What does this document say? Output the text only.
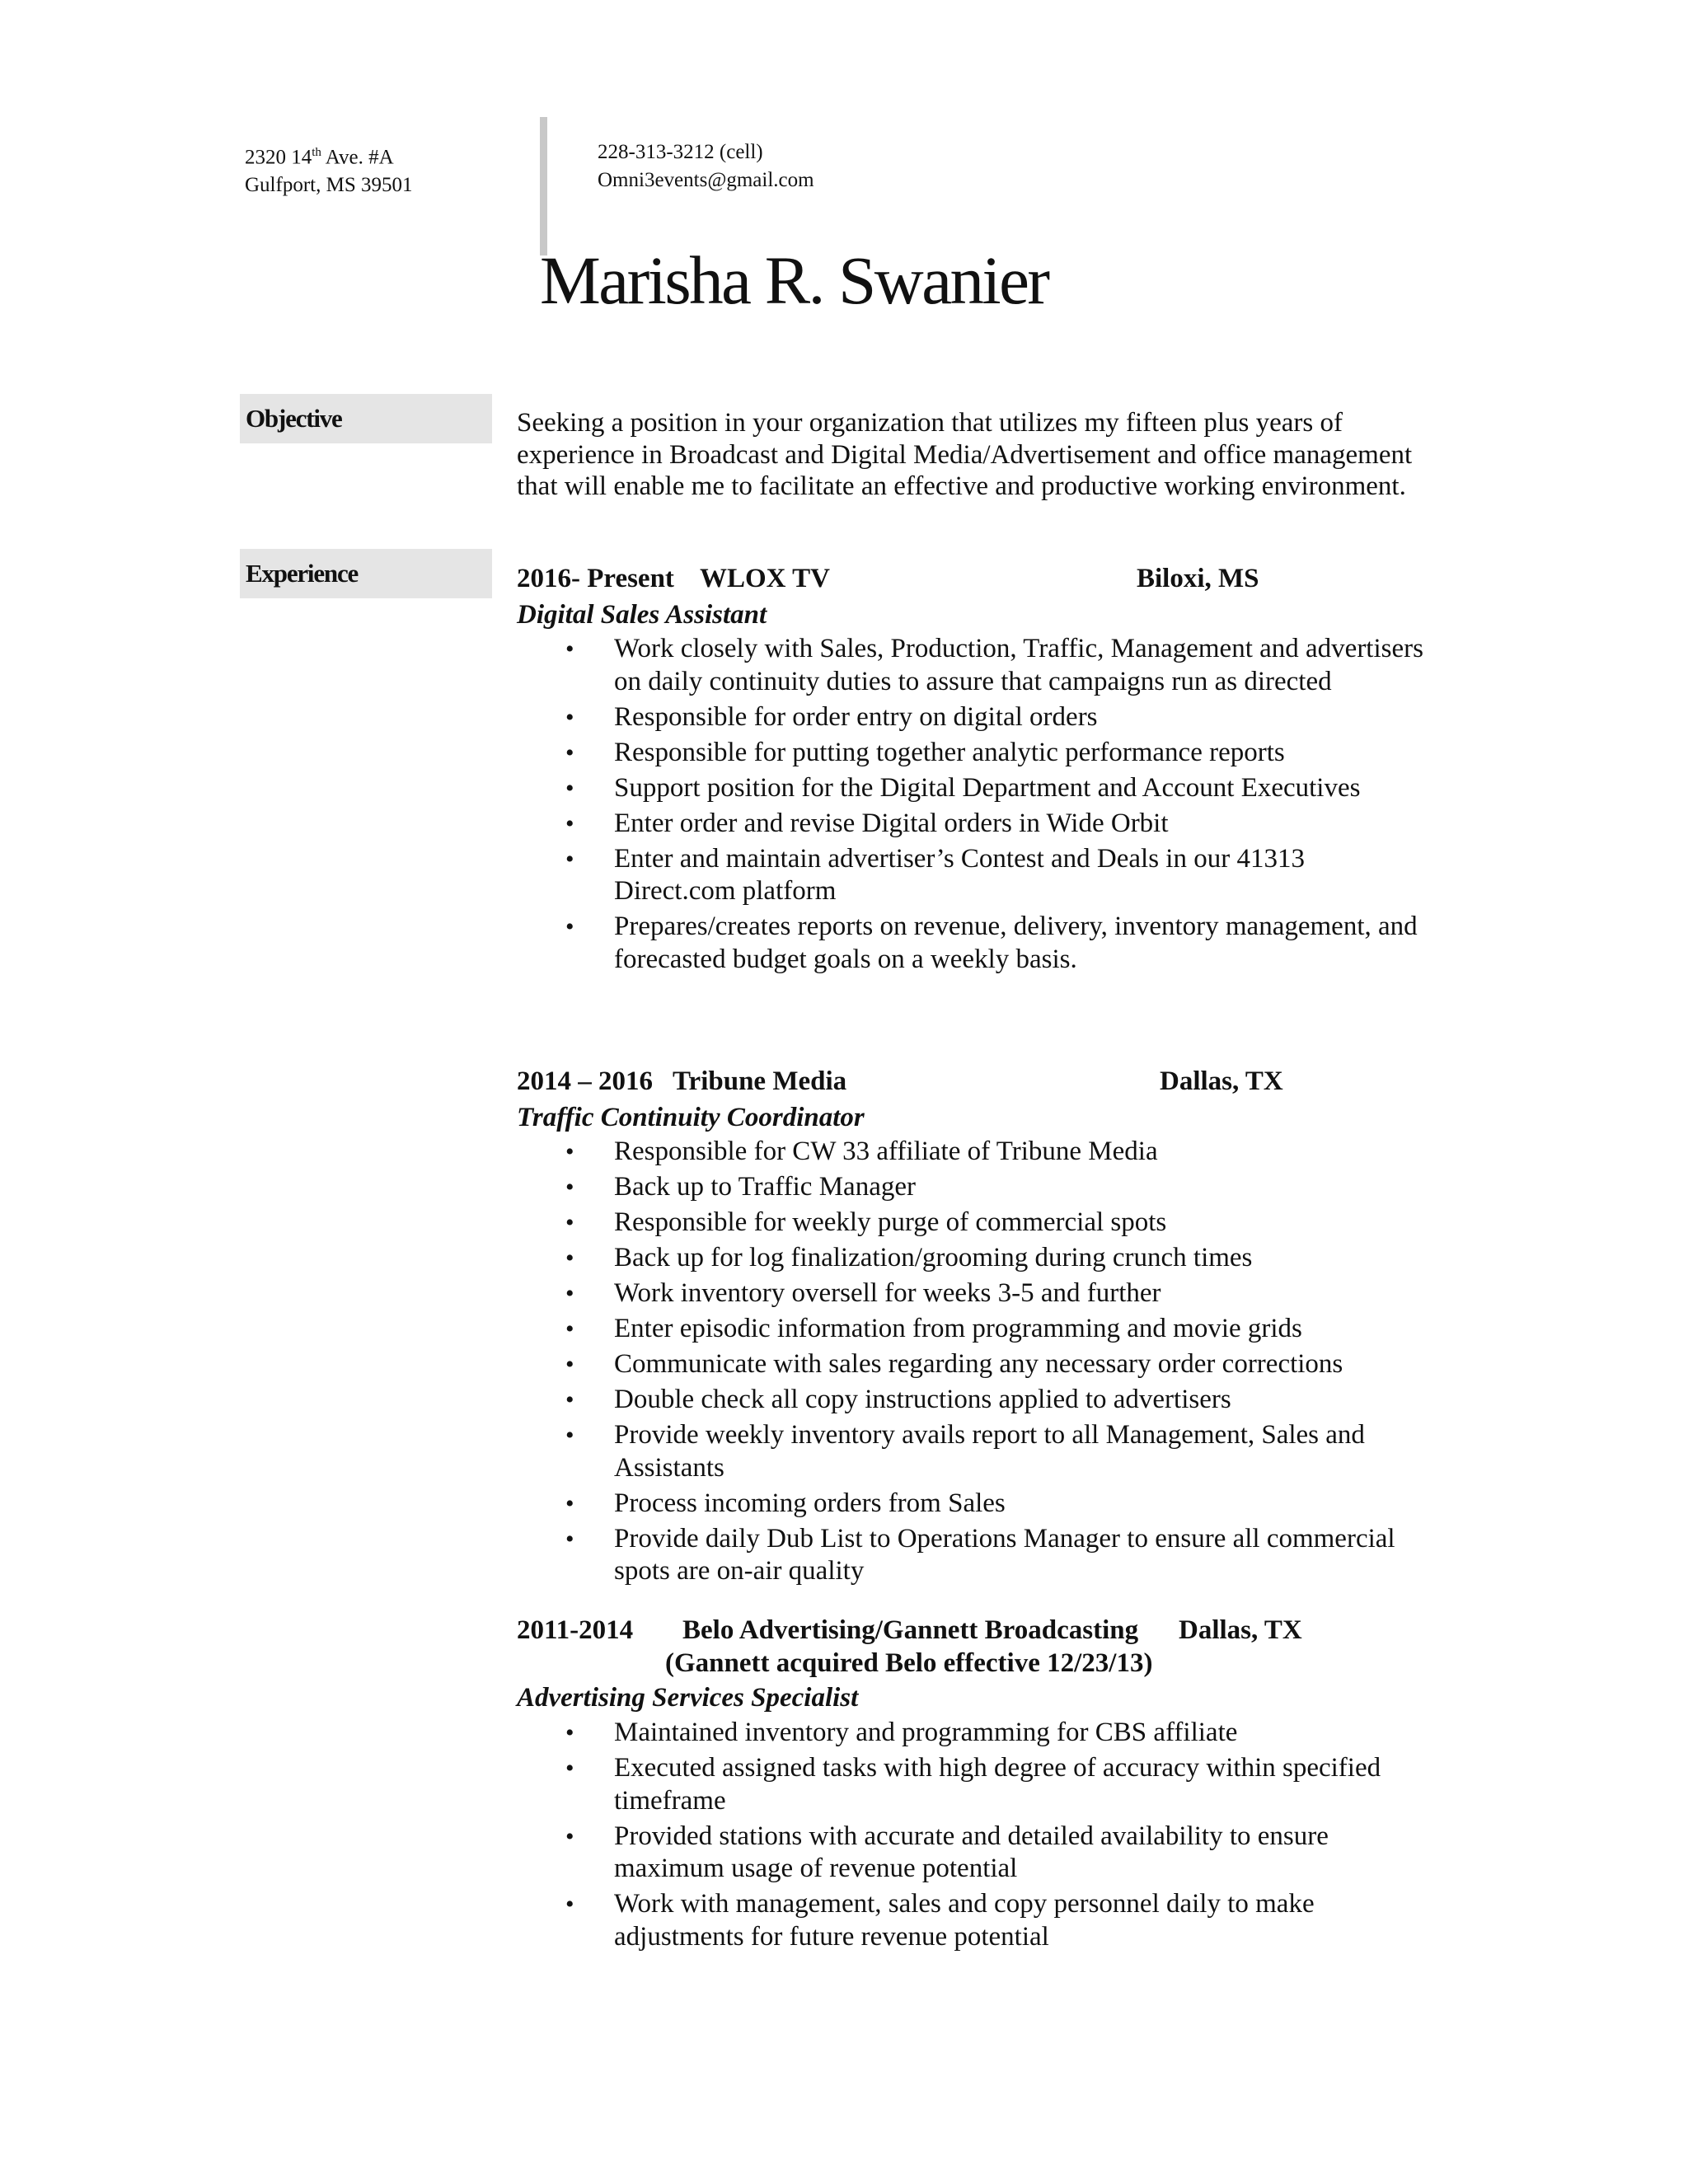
2320 14th Ave. #A
Gulfport, MS 39501
228-313-3212 (cell)
Omni3events@gmail.com
Marisha R. Swanier
Objective	Seeking a position in your organization that utilizes my fifteen plus years of experience in Broadcast and Digital Media/Advertisement and office management that will enable me to facilitate an effective and productive working environment.
Experience	2016- Present WLOX TV	Biloxi, MS
Digital Sales Assistant
• Work closely with Sales, Production, Traffic, Management and advertisers on daily continuity duties to assure that campaigns run as directed
• Responsible for order entry on digital orders
• Responsible for putting together analytic performance reports
• Support position for the Digital Department and Account Executives
• Enter order and revise Digital orders in Wide Orbit
• Enter and maintain advertiser’s Contest and Deals in our 41313 Direct.com platform
• Prepares/creates reports on revenue, delivery, inventory management, and forecasted budget goals on a weekly basis.
2014 – 2016 Tribune Media	Dallas, TX
Traffic Continuity Coordinator
• Responsible for CW 33 affiliate of Tribune Media
• Back up to Traffic Manager
• Responsible for weekly purge of commercial spots
• Back up for log finalization/grooming during crunch times
• Work inventory oversell for weeks 3-5 and further
• Enter episodic information from programming and movie grids
• Communicate with sales regarding any necessary order corrections
• Double check all copy instructions applied to advertisers
• Provide weekly inventory avails report to all Management, Sales and Assistants
• Process incoming orders from Sales
• Provide daily Dub List to Operations Manager to ensure all commercial spots are on-air quality
2011-2014 Belo Advertising/Gannett Broadcasting Dallas, TX
(Gannett acquired Belo effective 12/23/13)
Advertising Services Specialist
• Maintained inventory and programming for CBS affiliate
• Executed assigned tasks with high degree of accuracy within specified timeframe
• Provided stations with accurate and detailed availability to ensure maximum usage of revenue potential
• Work with management, sales and copy personnel daily to make adjustments for future revenue potential
